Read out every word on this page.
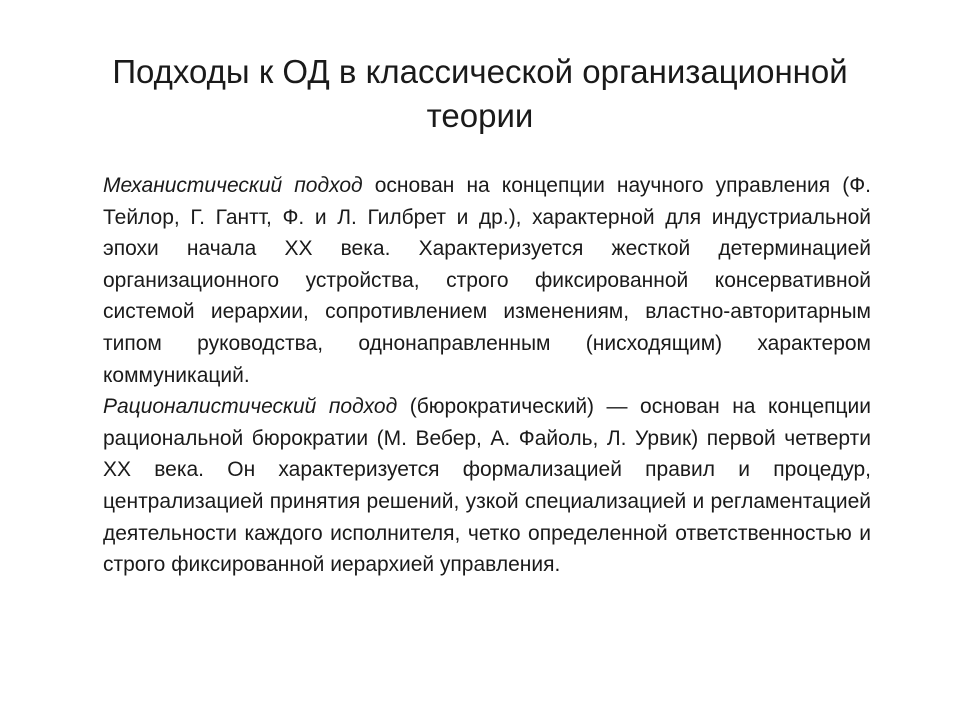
Подходы к ОД в классической организационной теории

Механистический подход основан на концепции научного управления (Ф. Тейлор, Г. Гантт, Ф. и Л. Гилбрет и др.), характерной для индустриальной эпохи начала XX века. Характеризуется жесткой детерминацией организационного устройства, строго фиксированной консервативной системой иерархии, сопротивлением изменениям, властно-авторитарным типом руководства, однонаправленным (нисходящим) характером коммуникаций.

Рационалистический подход (бюрократический) — основан на концепции рациональной бюрократии (М. Вебер, А. Файоль, Л. Урвик) первой четверти XX века. Он характеризуется формализацией правил и процедур, централизацией принятия решений, узкой специализацией и регламентацией деятельности каждого исполнителя, четко определенной ответственностью и строго фиксированной иерархией управления.
